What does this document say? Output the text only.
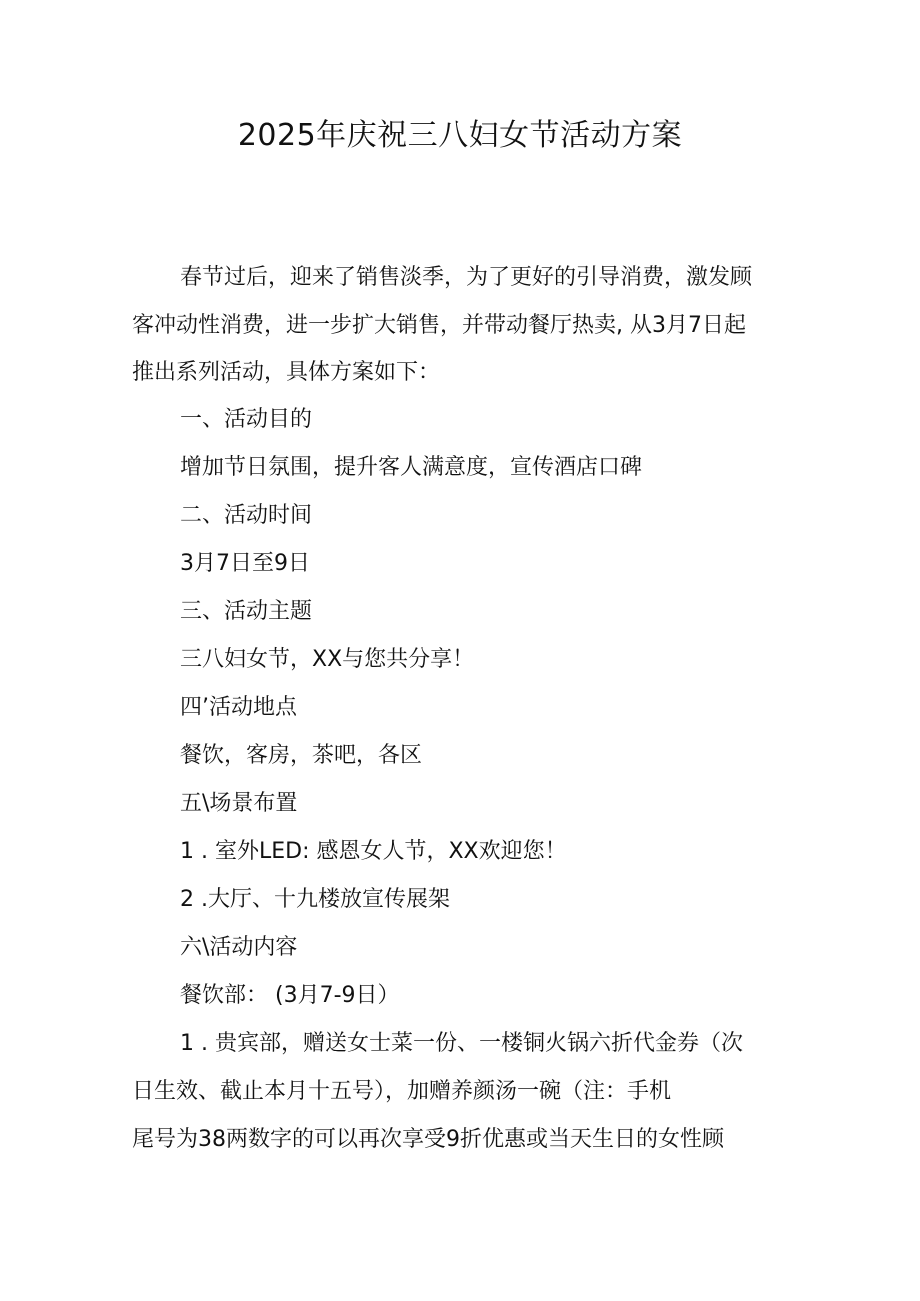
2025年庆祝三八妇女节活动方案
春节过后，迎来了销售淡季，为了更好的引导消费，激发顾
客冲动性消费，进一步扩大销售，并带动餐厅热卖, 从3月7日起
推出系列活动，具体方案如下：
一、活动目的
增加节日氛围，提升客人满意度，宣传酒店口碑
二、活动时间
3月7日至9日
三、活动主题
三八妇女节，XX与您共分享！
四’活动地点
餐饮，客房，茶吧，各区
五\场景布置
1 . 室外LED: 感恩女人节，XX欢迎您！
2 .大厅、十九楼放宣传展架
六\活动内容
餐饮部： (3月7-9日）
1 . 贵宾部，赠送女士菜一份、一楼铜火锅六折代金券（次
日生效、截止本月十五号），加赠养颜汤一碗（注：手机
尾号为38两数字的可以再次享受9折优惠或当天生日的女性顾
